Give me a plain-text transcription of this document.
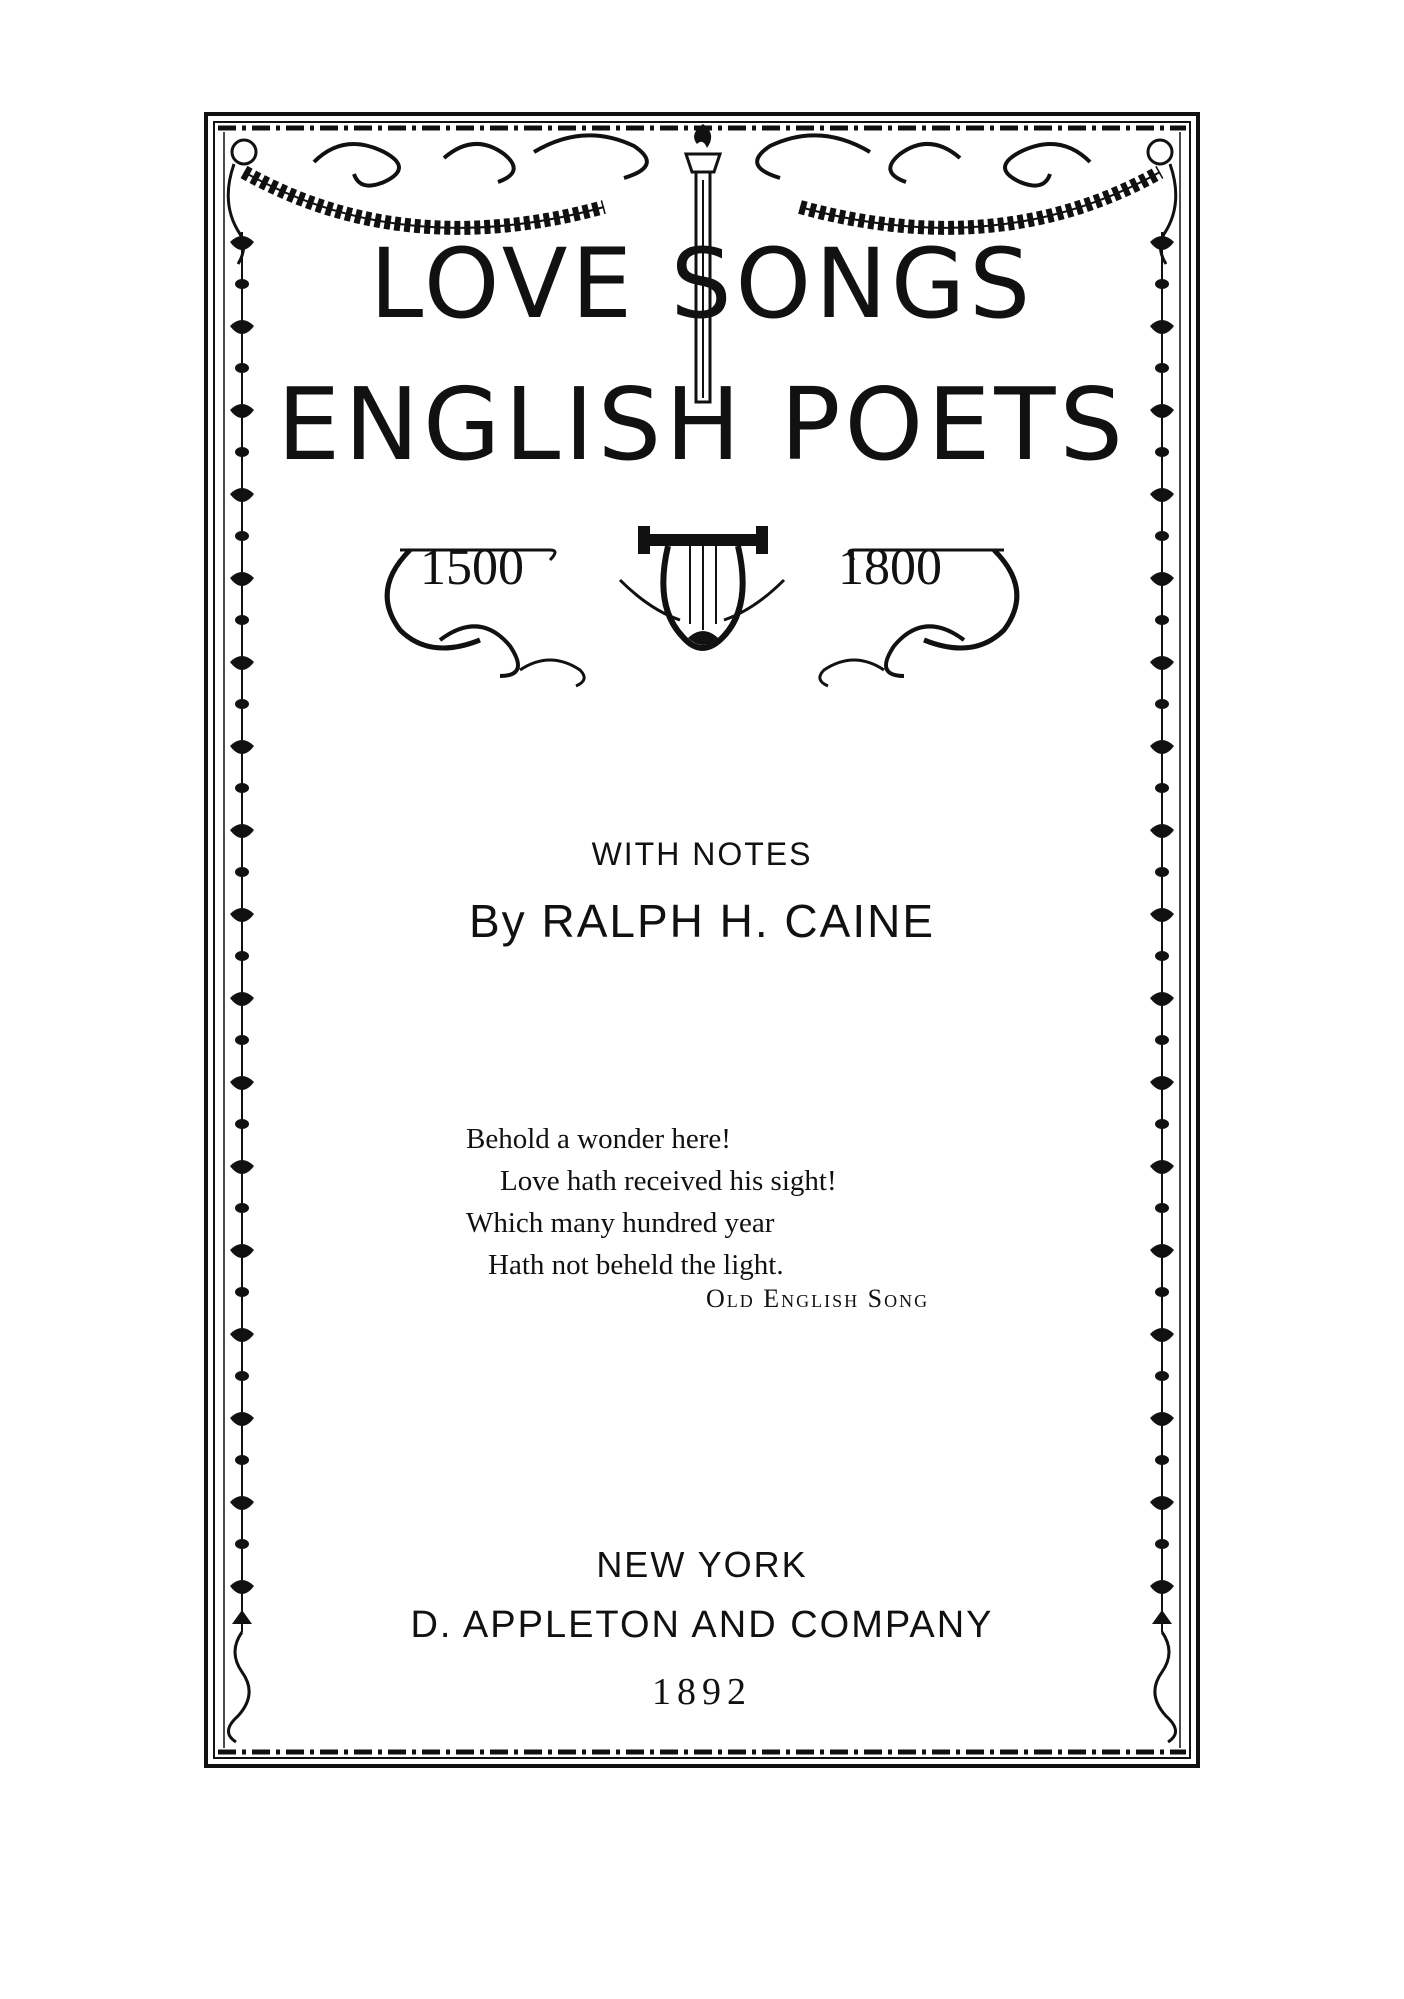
LOVE SONGS
ENGLISH POETS
1500	1800
WITH NOTES
By RALPH H. CAINE
Behold a wonder here!
Love hath received his sight!
Which many hundred year
Hath not beheld the light.
Old English Song
NEW YORK
D. APPLETON AND COMPANY
1892
